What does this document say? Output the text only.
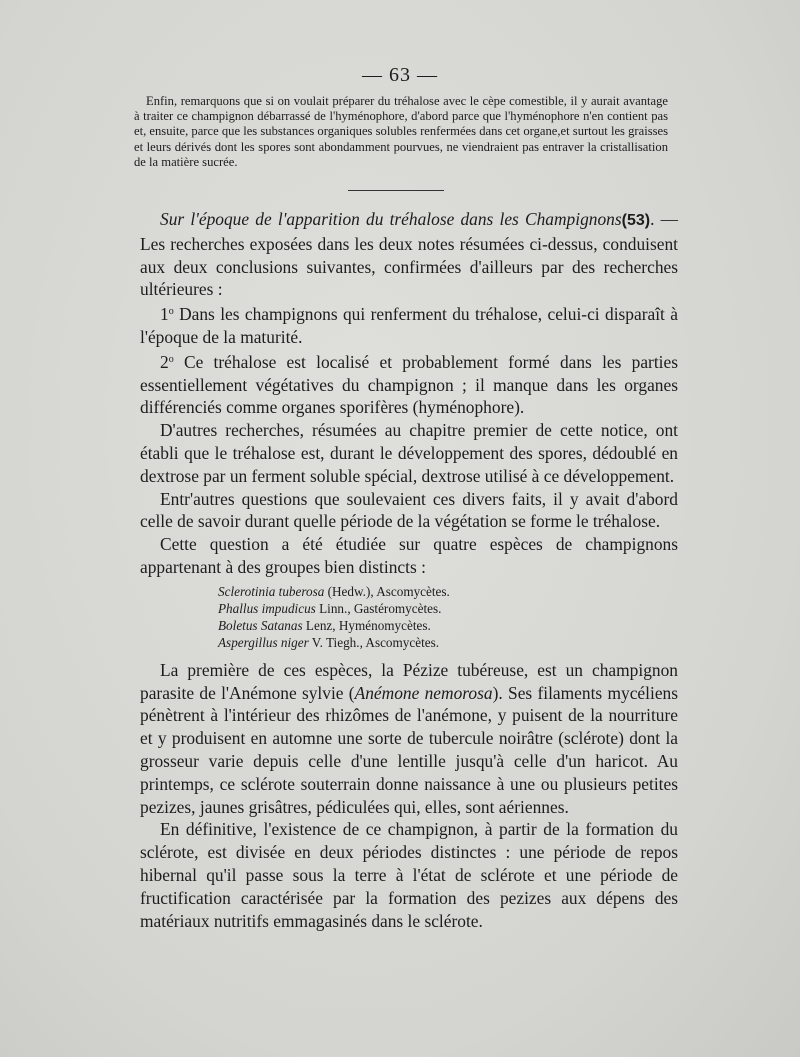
— 63 —

Enfin, remarquons que si on voulait préparer du tréhalose avec le cèpe comestible, il y aurait avantage à traiter ce champignon débarrassé de l'hyménophore, d'abord parce que l'hyménophore n'en contient pas et, ensuite, parce que les substances organiques solubles renfermées dans cet organe,et surtout les graisses et leurs dérivés dont les spores sont abondamment pourvues, ne viendraient pas entraver la cristallisation de la matière sucrée.

Sur l'époque de l'apparition du tréhalose dans les Champignons(53). — Les recherches exposées dans les deux notes résumées ci-dessus, conduisent aux deux conclusions suivantes, confirmées d'ailleurs par des recherches ultérieures :

1$^o$ Dans les champignons qui renferment du tréhalose, celui-ci disparaît à l'époque de la maturité.

2$^o$ Ce tréhalose est localisé et probablement formé dans les parties essentiellement végétatives du champignon ; il manque dans les organes différenciés comme organes sporifères (hyménophore).

D'autres recherches, résumées au chapitre premier de cette notice, ont établi que le tréhalose est, durant le développement des spores, dédoublé en dextrose par un ferment soluble spécial, dextrose utilisé à ce développement.

Entr'autres questions que soulevaient ces divers faits, il y avait d'abord celle de savoir durant quelle période de la végétation se forme le tréhalose.

Cette question a été étudiée sur quatre espèces de champignons appartenant à des groupes bien distincts :

Sclerotinia tuberosa (Hedw.), Ascomycètes.
Phallus impudicus Linn., Gastéromycètes.
Boletus Satanas Lenz, Hyménomycètes.
Aspergillus niger V. Tiegh., Ascomycètes.

La première de ces espèces, la Pézize tubéreuse, est un champignon parasite de l'Anémone sylvie (Anémone nemorosa). Ses filaments mycéliens pénètrent à l'intérieur des rhizômes de l'anémone, y puisent de la nourriture et y produisent en automne une sorte de tubercule noirâtre (sclérote) dont la grosseur varie depuis celle d'une lentille jusqu'à celle d'un haricot. Au printemps, ce sclérote souterrain donne naissance à une ou plusieurs petites pezizes, jaunes grisâtres, pédiculées qui, elles, sont aériennes.

En définitive, l'existence de ce champignon, à partir de la formation du sclérote, est divisée en deux périodes distinctes : une période de repos hibernal qu'il passe sous la terre à l'état de sclérote et une période de fructification caractérisée par la formation des pezizes aux dépens des matériaux nutritifs emmagasinés dans le sclérote.
